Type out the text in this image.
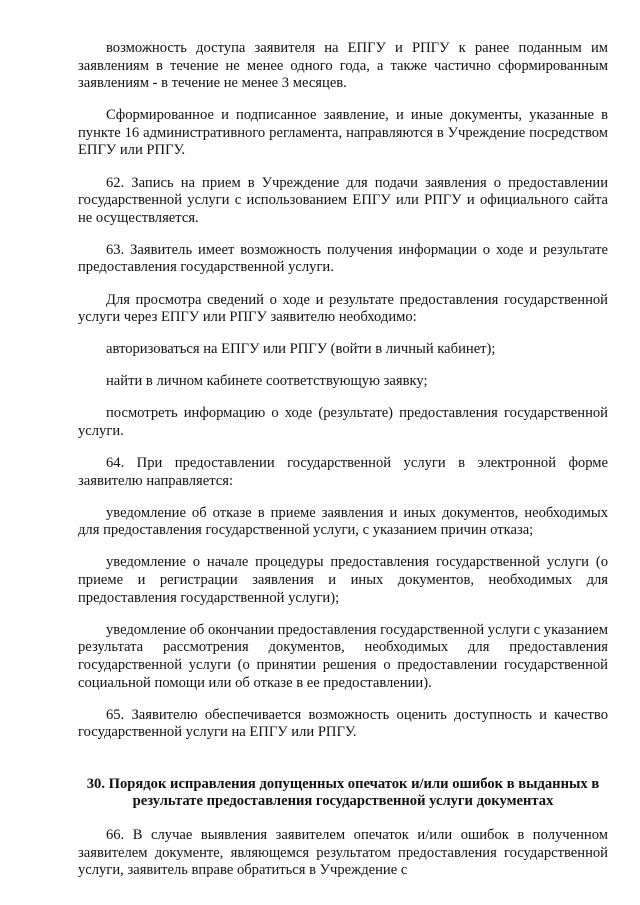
возможность доступа заявителя на ЕПГУ и РПГУ к ранее поданным им заявлениям в течение не менее одного года, а также частично сформированным заявлениям - в течение не менее 3 месяцев.

Сформированное и подписанное заявление, и иные документы, указанные в пункте 16 административного регламента, направляются в Учреждение посредством ЕПГУ или РПГУ.

62. Запись на прием в Учреждение для подачи заявления о предоставлении государственной услуги с использованием ЕПГУ или РПГУ и официального сайта не осуществляется.

63. Заявитель имеет возможность получения информации о ходе и результате предоставления государственной услуги.

Для просмотра сведений о ходе и результате предоставления государственной услуги через ЕПГУ или РПГУ заявителю необходимо:

авторизоваться на ЕПГУ или РПГУ (войти в личный кабинет);

найти в личном кабинете соответствующую заявку;

посмотреть информацию о ходе (результате) предоставления государственной услуги.

64. При предоставлении государственной услуги в электронной форме заявителю направляется:

уведомление об отказе в приеме заявления и иных документов, необходимых для предоставления государственной услуги, с указанием причин отказа;

уведомление о начале процедуры предоставления государственной услуги (о приеме и регистрации заявления и иных документов, необходимых для предоставления государственной услуги);

уведомление об окончании предоставления государственной услуги с указанием результата рассмотрения документов, необходимых для предоставления государственной услуги (о принятии решения о предоставлении государственной социальной помощи или об отказе в ее предоставлении).

65. Заявителю обеспечивается возможность оценить доступность и качество государственной услуги на ЕПГУ или РПГУ.

30. Порядок исправления допущенных опечаток и/или ошибок в выданных в результате предоставления государственной услуги документах

66. В случае выявления заявителем опечаток и/или ошибок в полученном заявителем документе, являющемся результатом предоставления государственной услуги, заявитель вправе обратиться в Учреждение с
